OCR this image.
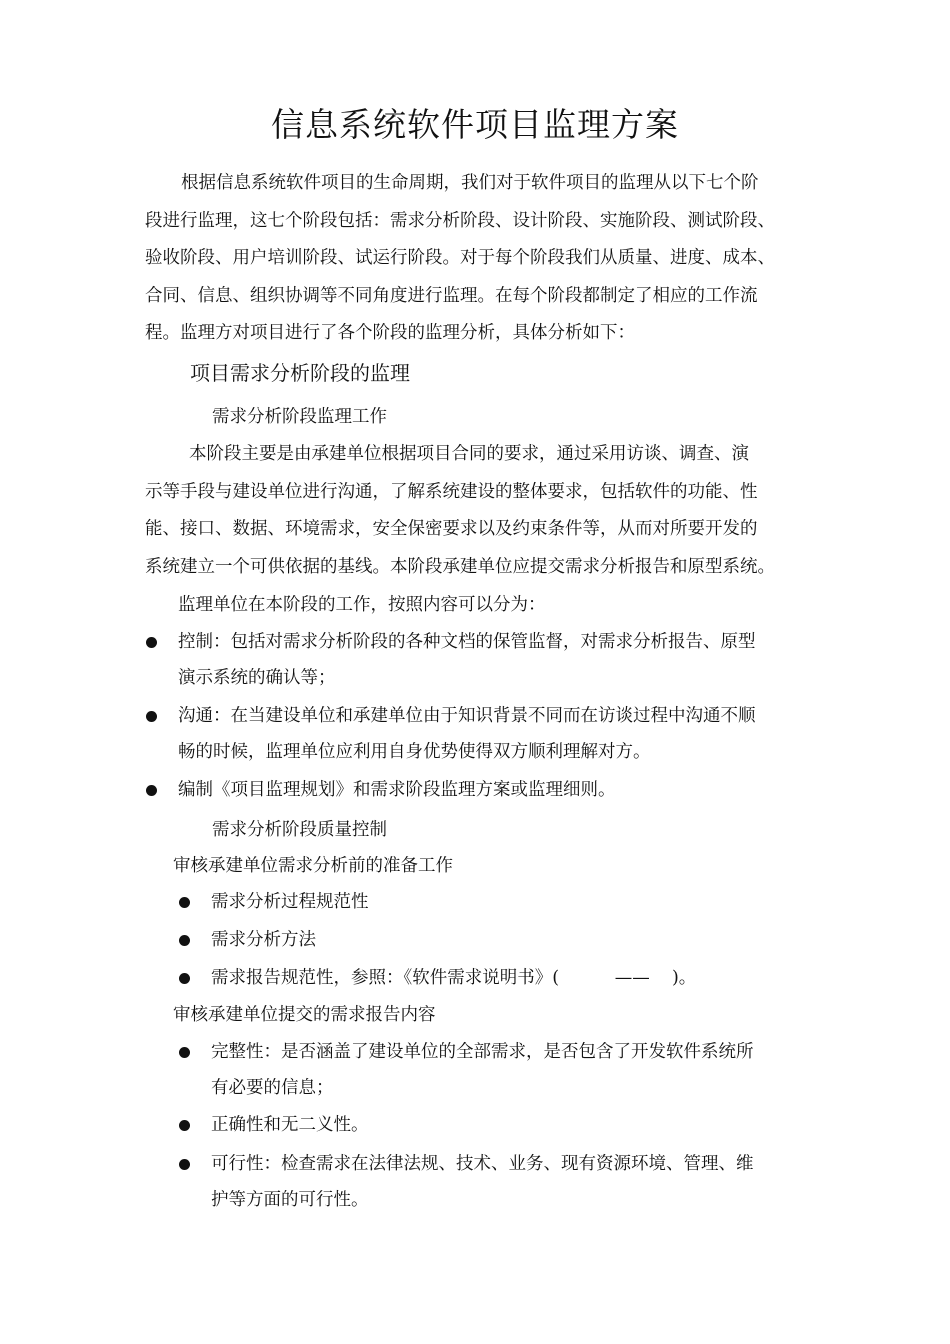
信息系统软件项目监理方案
根据信息系统软件项目的生命周期，我们对于软件项目的监理从以下七个阶
段进行监理，这七个阶段包括：需求分析阶段、设计阶段、实施阶段、测试阶段、
验收阶段、用户培训阶段、试运行阶段。对于每个阶段我们从质量、进度、成本、
合同、信息、组织协调等不同角度进行监理。在每个阶段都制定了相应的工作流
程。监理方对项目进行了各个阶段的监理分析，具体分析如下：
项目需求分析阶段的监理
需求分析阶段监理工作
本阶段主要是由承建单位根据项目合同的要求，通过采用访谈、调查、演
示等手段与建设单位进行沟通，了解系统建设的整体要求，包括软件的功能、性
能、接口、数据、环境需求，安全保密要求以及约束条件等，从而对所要开发的
系统建立一个可供依据的基线。本阶段承建单位应提交需求分析报告和原型系统。
监理单位在本阶段的工作，按照内容可以分为：
控制：包括对需求分析阶段的各种文档的保管监督，对需求分析报告、原型
演示系统的确认等；
沟通：在当建设单位和承建单位由于知识背景不同而在访谈过程中沟通不顺
畅的时候，监理单位应利用自身优势使得双方顺利理解对方。
编制《项目监理规划》和需求阶段监理方案或监理细则。
需求分析阶段质量控制
审核承建单位需求分析前的准备工作
需求分析过程规范性
需求分析方法
需求报告规范性，参照：《软件需求说明书》(          ——    )。
审核承建单位提交的需求报告内容
完整性：是否涵盖了建设单位的全部需求，是否包含了开发软件系统所
有必要的信息；
正确性和无二义性。
可行性：检查需求在法律法规、技术、业务、现有资源环境、管理、维
护等方面的可行性。
